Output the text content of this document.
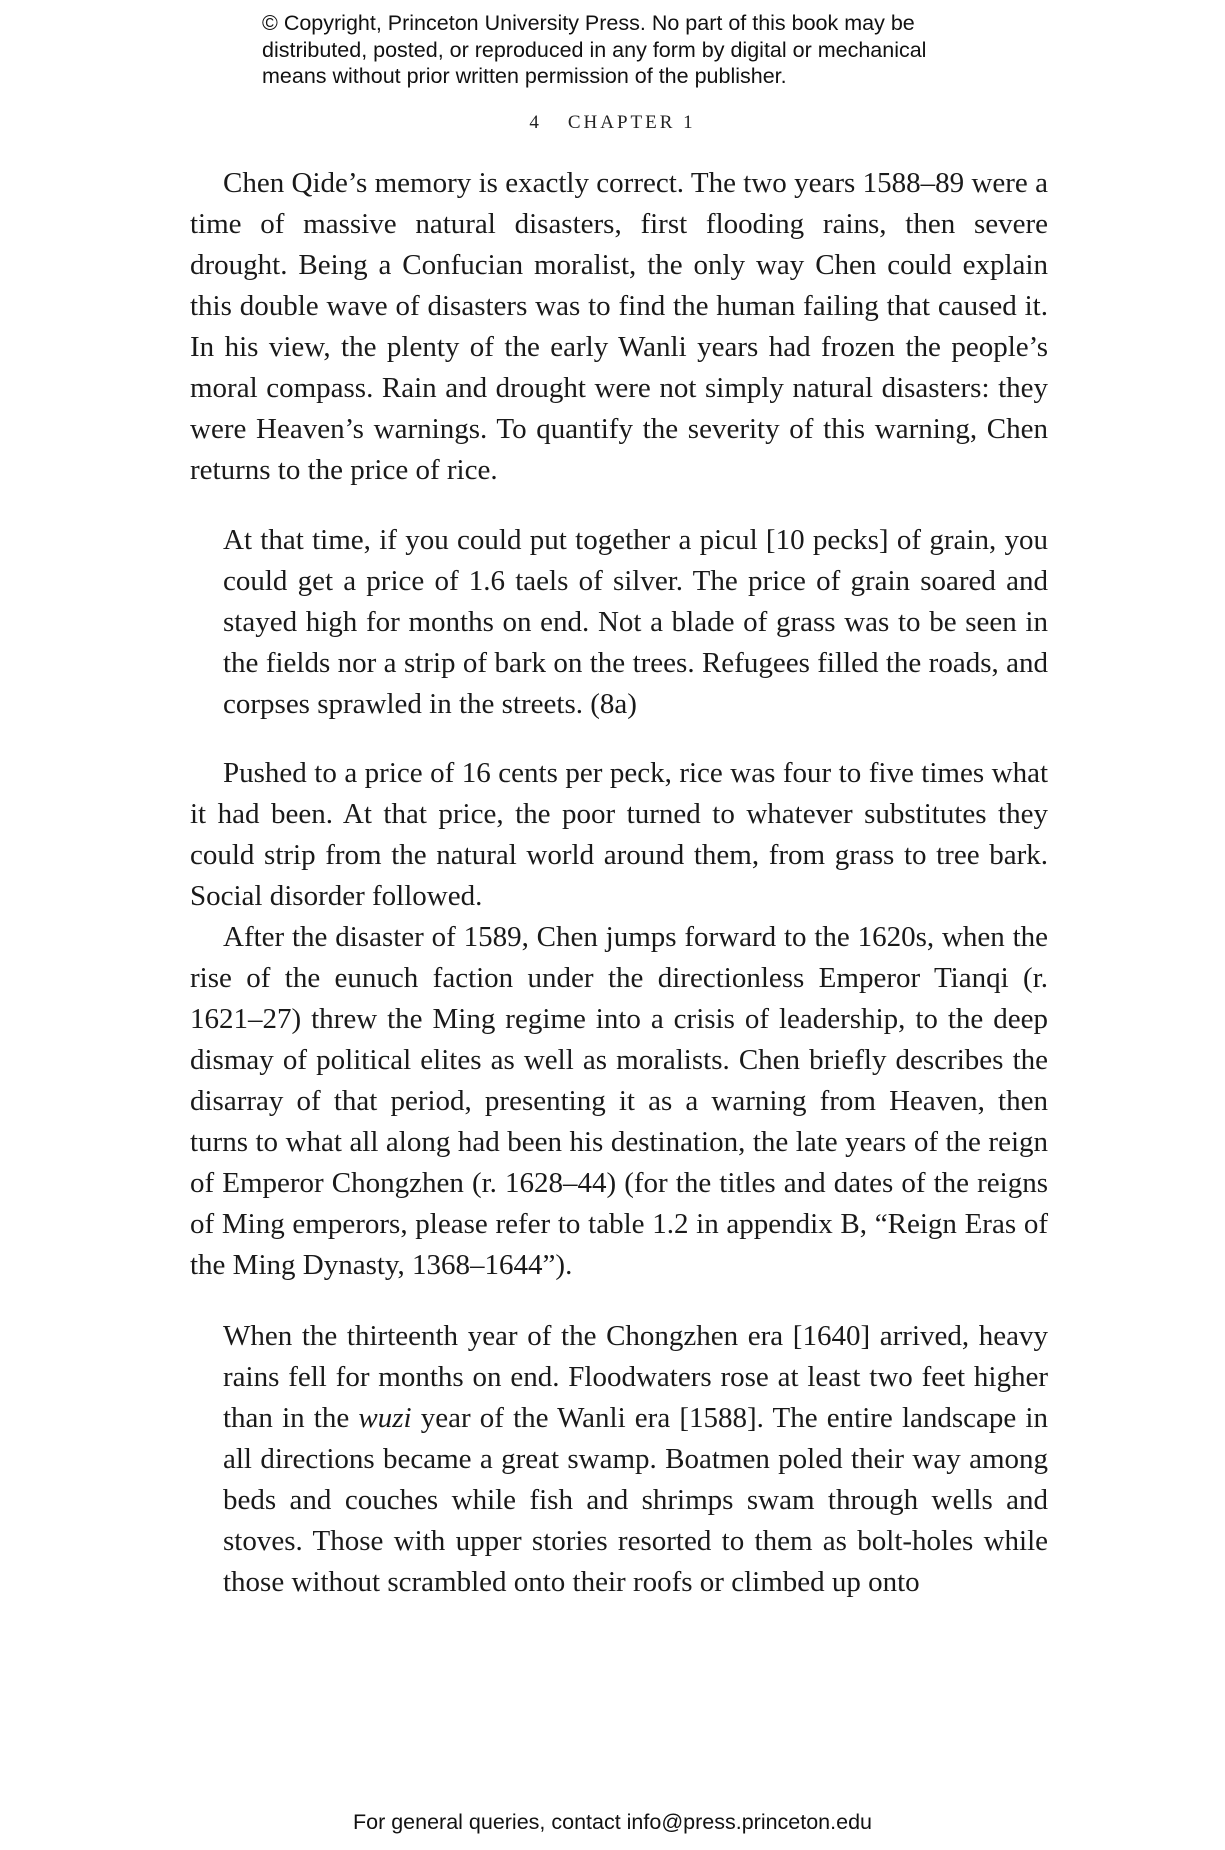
© Copyright, Princeton University Press. No part of this book may be

distributed, posted, or reproduced in any form by digital or mechanical

means without prior written permission of the publisher.

4 CHAPTER 1

Chen Qide’s memory is exactly correct. The two years 1588–89 were a time of massive natural disasters, first flooding rains, then severe drought. Being a Confucian moralist, the only way Chen could explain this double wave of disasters was to find the human failing that caused it. In his view, the plenty of the early Wanli years had frozen the people’s moral compass. Rain and drought were not simply natural disasters: they were Heaven’s warnings. To quantify the severity of this warning, Chen returns to the price of rice.

At that time, if you could put together a picul [10 pecks] of grain, you could get a price of 1.6 taels of silver. The price of grain soared and stayed high for months on end. Not a blade of grass was to be seen in the fields nor a strip of bark on the trees. Refugees filled the roads, and corpses sprawled in the streets. (8a)

Pushed to a price of 16 cents per peck, rice was four to five times what it had been. At that price, the poor turned to whatever substitutes they could strip from the natural world around them, from grass to tree bark. Social disorder followed.

After the disaster of 1589, Chen jumps forward to the 1620s, when the rise of the eunuch faction under the directionless Emperor Tianqi (r. 1621–27) threw the Ming regime into a crisis of leadership, to the deep dismay of political elites as well as moralists. Chen briefly describes the disarray of that period, presenting it as a warning from Heaven, then turns to what all along had been his destination, the late years of the reign of Emperor Chongzhen (r. 1628–44) (for the titles and dates of the reigns of Ming emperors, please refer to table 1.2 in appendix B, “Reign Eras of the Ming Dynasty, 1368–1644”).

When the thirteenth year of the Chongzhen era [1640] arrived, heavy rains fell for months on end. Floodwaters rose at least two feet higher than in the wuzi year of the Wanli era [1588]. The entire landscape in all directions became a great swamp. Boatmen poled their way among beds and couches while fish and shrimps swam through wells and stoves. Those with upper stories resorted to them as bolt-holes while those without scrambled onto their roofs or climbed up onto

For general queries, contact info@press.princeton.edu
